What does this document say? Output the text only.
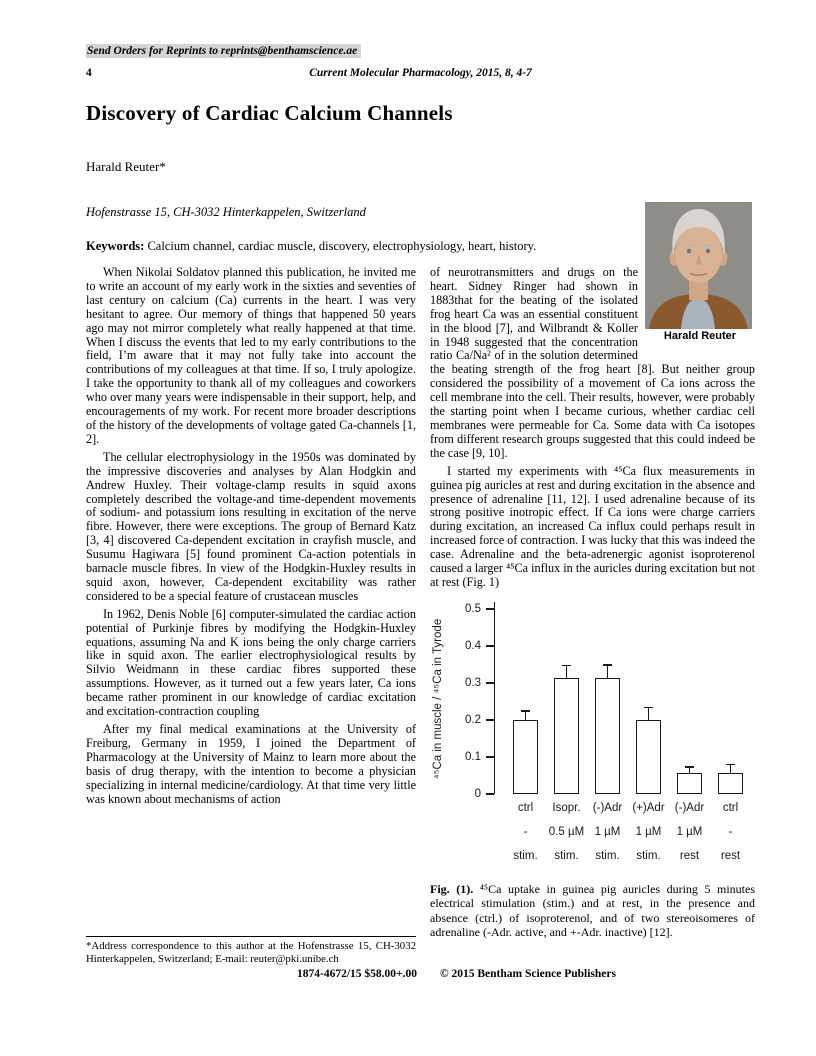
Send Orders for Reprints to reprints@benthamscience.ae
4	Current Molecular Pharmacology, 2015, 8, 4-7
Discovery of Cardiac Calcium Channels
Harald Reuter*
Hofenstrasse 15, CH-3032 Hinterkappelen, Switzerland
Keywords: Calcium channel, cardiac muscle, discovery, electrophysiology, heart, history.

When Nikolai Soldatov planned this publication, he invited me to write an account of my early work in the sixties and seventies of last century on calcium (Ca) currents in the heart. I was very hesitant to agree. Our memory of things that happened 50 years ago may not mirror completely what really happened at that time. When I discuss the events that led to my early contributions to the field, I’m aware that it may not fully take into account the contributions of my colleagues at that time. If so, I truly apologize. I take the opportunity to thank all of my colleagues and coworkers who over many years were indispensable in their support, help, and encouragements of my work. For recent more broader descriptions of the history of the developments of voltage gated Ca-channels [1, 2].

The cellular electrophysiology in the 1950s was dominated by the impressive discoveries and analyses by Alan Hodgkin and Andrew Huxley. Their voltage-clamp results in squid axons completely described the voltage-and time-dependent movements of sodium- and potassium ions resulting in excitation of the nerve fibre. However, there were exceptions. The group of Bernard Katz [3, 4] discovered Ca-dependent excitation in crayfish muscle, and Susumu Hagiwara [5] found prominent Ca-action potentials in barnacle muscle fibres. In view of the Hodgkin-Huxley results in squid axon, however, Ca-dependent excitability was rather considered to be a special feature of crustacean muscles

In 1962, Denis Noble [6] computer-simulated the cardiac action potential of Purkinje fibres by modifying the Hodgkin-Huxley equations, assuming Na and K ions being the only charge carriers like in squid axon. The earlier electrophysiological results by Silvio Weidmann in these cardiac fibres supported these assumptions. However, as it turned out a few years later, Ca ions became rather prominent in our knowledge of cardiac excitation and excitation-contraction coupling

After my final medical examinations at the University of Freiburg, Germany in 1959, I joined the Department of Pharmacology at the University of Mainz to learn more about the basis of drug therapy, with the intention to become a physician specializing in internal medicine/cardiology. At that time very little was known about mechanisms of action

*Address correspondence to this author at the Hofenstrasse 15, CH-3032 Hinterkappelen, Switzerland; E-mail: reuter@pki.unibe.ch

Harald Reuter

of neurotransmitters and drugs on the heart. Sidney Ringer had shown in 1883that for the beating of the isolated frog heart Ca was an essential constituent in the blood [7], and Wilbrandt & Koller in 1948 suggested that the concentration ratio Ca/Na² of in the solution determined the beating strength of the frog heart [8]. But neither group considered the possibility of a movement of Ca ions across the cell membrane into the cell. Their results, however, were probably the starting point when I became curious, whether cardiac cell membranes were permeable for Ca. Some data with Ca isotopes from different research groups suggested that this could indeed be the case [9, 10].

I started my experiments with ⁴⁵Ca flux measurements in guinea pig auricles at rest and during excitation in the absence and presence of adrenaline [11, 12]. I used adrenaline because of its strong positive inotropic effect. If Ca ions were charge carriers during excitation, an increased Ca influx could perhaps result in increased force of contraction. I was lucky that this was indeed the case. Adrenaline and the beta-adrenergic agonist isoproterenol caused a larger ⁴⁵Ca influx in the auricles during excitation but not at rest (Fig. 1)

⁴⁵Ca in muscle / ⁴⁵Ca in Tyrode
0
0.1
0.2
0.3
0.4
0.5
ctrl	Isopr.	(-)Adr (+)Adr (-)Adr	ctrl
-	0.5 µM 1 µM	1 µM	1 µM	-
stim.	stim.	stim.	stim.	rest	rest

Fig. (1). ⁴⁵Ca uptake in guinea pig auricles during 5 minutes electrical stimulation (stim.) and at rest, in the presence and absence (ctrl.) of isoproterenol, and of two stereoisomeres of adrenaline (-Adr. active, and +-Adr. inactive) [12].

1874-4672/15 $58.00+.00 © 2015 Bentham Science Publishers
